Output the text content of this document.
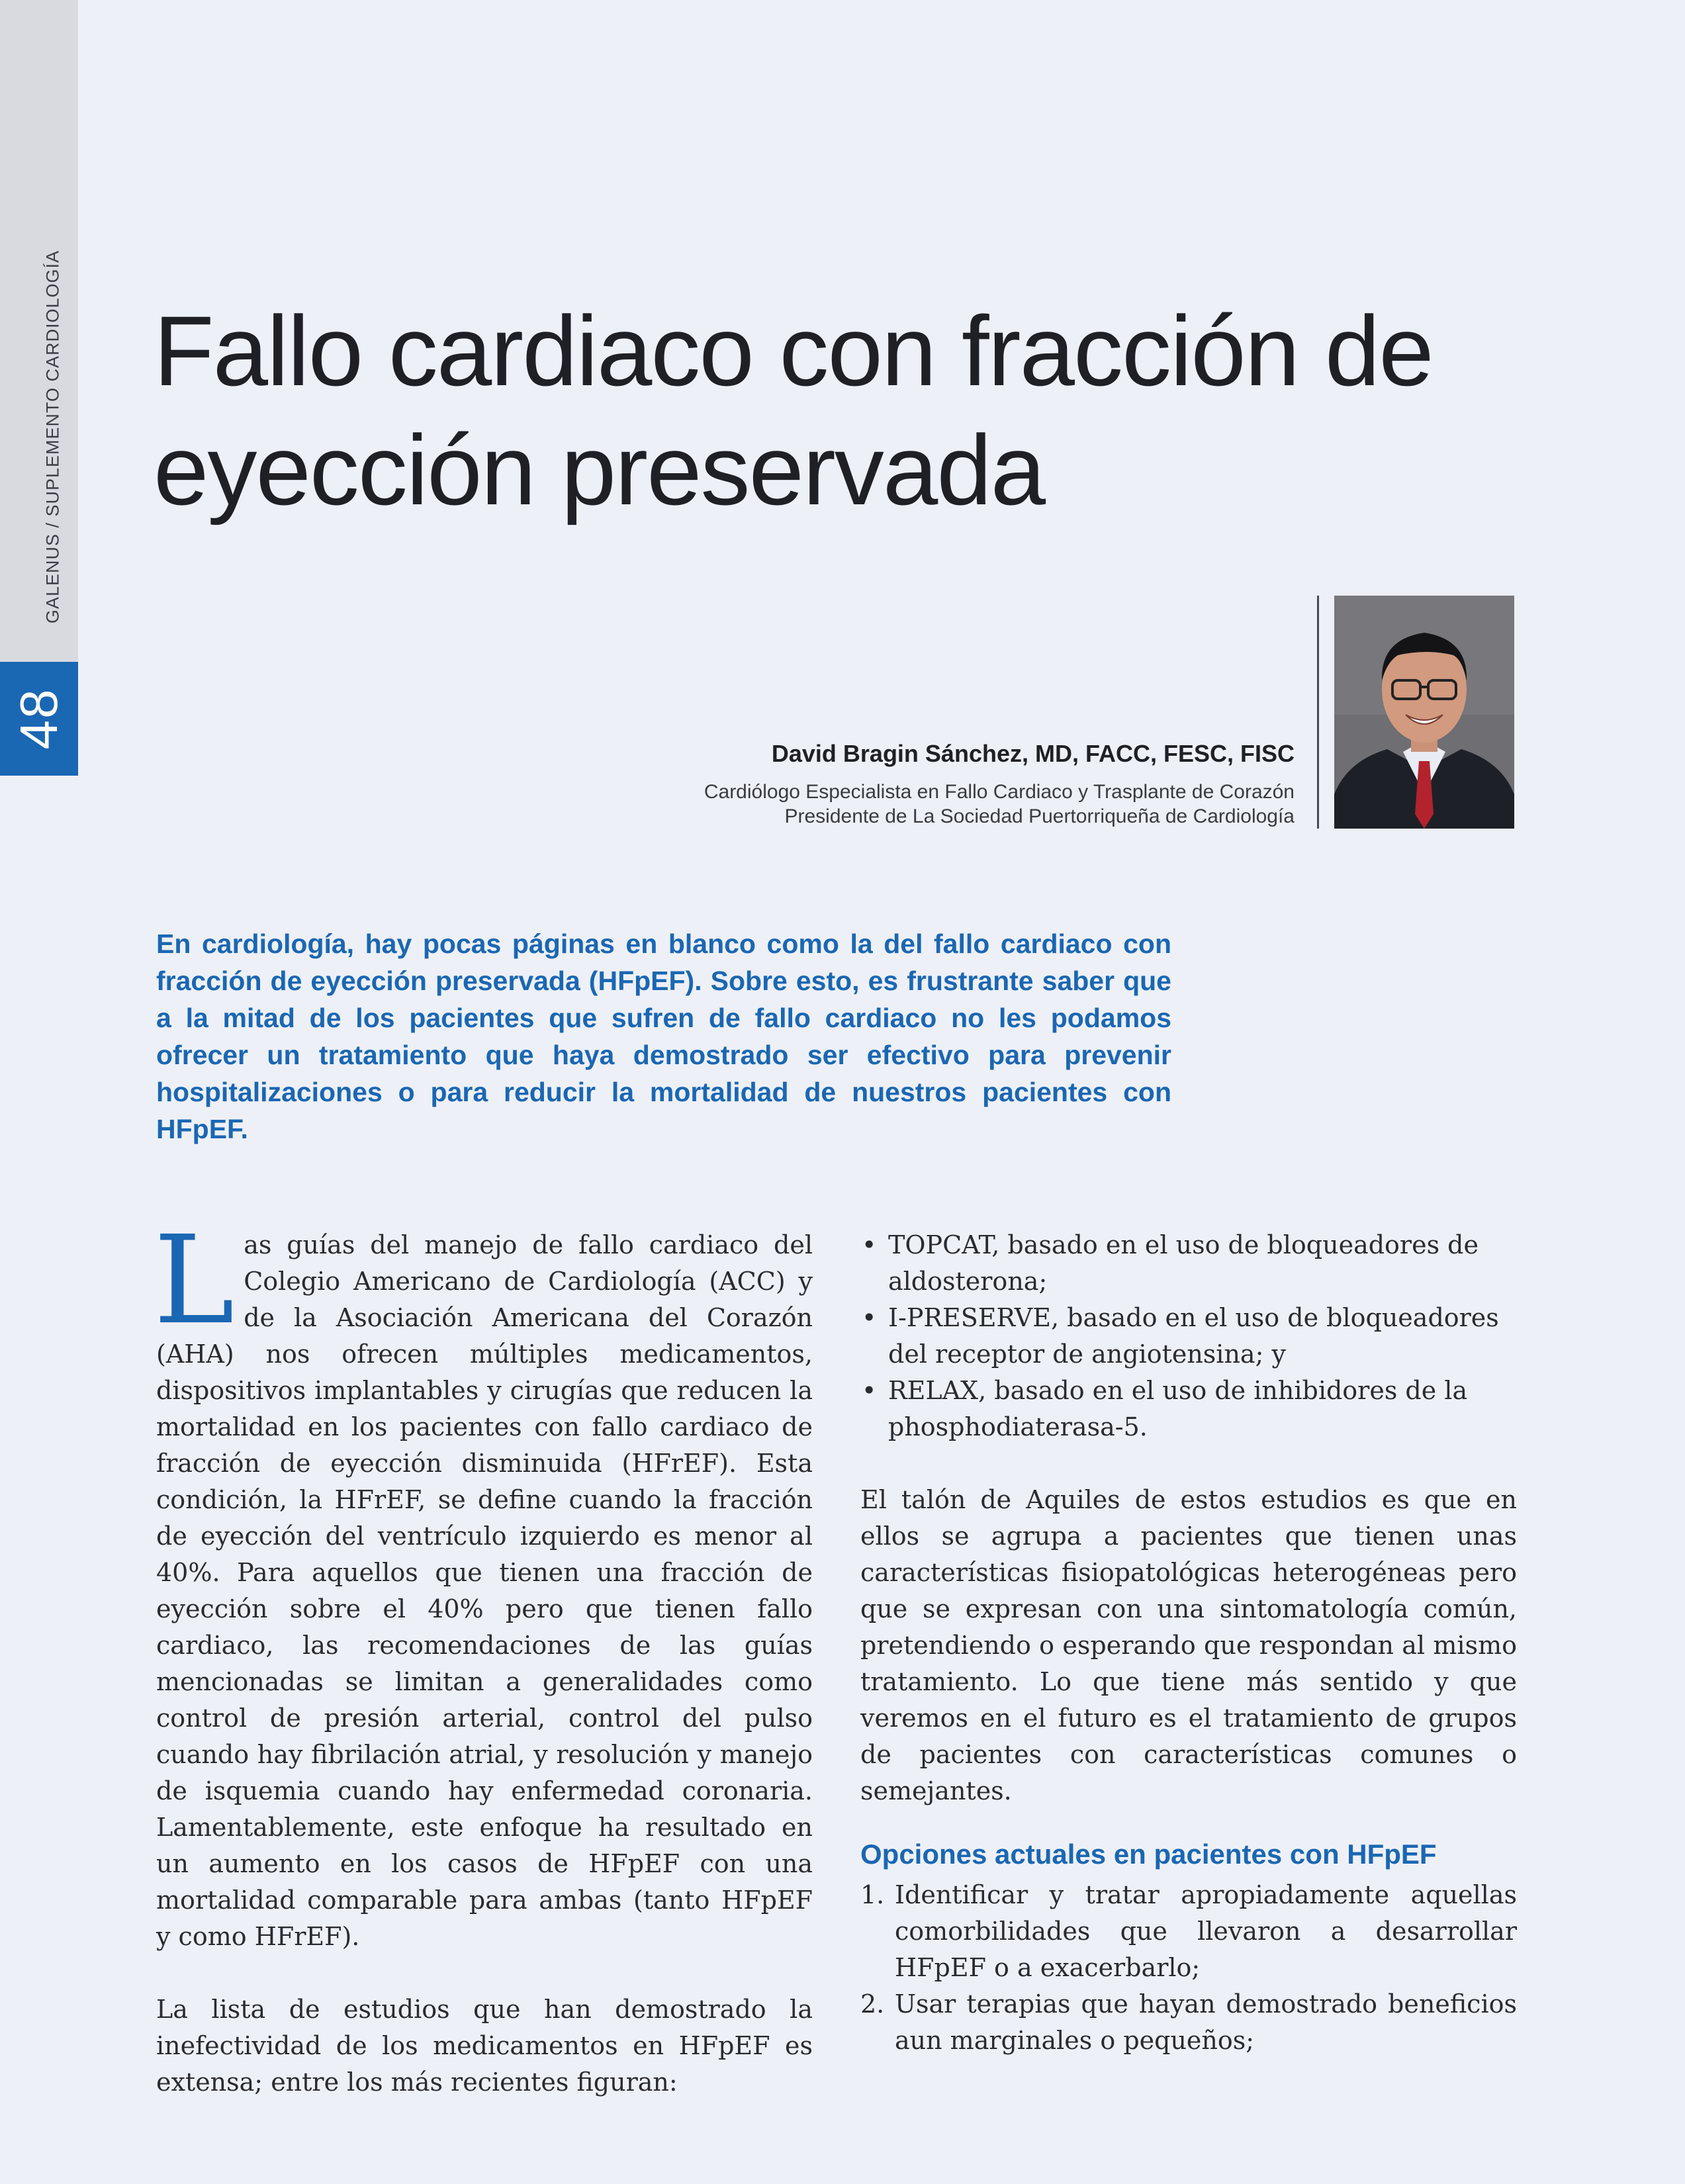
48
GALENUS / SUPLEMENTO CARDIOLOGÍA Fallo cardiaco con fracción de
eyección preservada
David Bragin Sánchez, MD, FACC, FESC, FISC
Cardiólogo Especialista en Fallo Cardiaco y Trasplante de Corazón
Presidente de La Sociedad Puertorriqueña de Cardiología

En cardiología, hay pocas páginas en blanco como la del fallo cardiaco con fracción de eyección preservada (HFpEF). Sobre esto, es frustrante saber que a la mitad de los pacientes que sufren de fallo cardiaco no les podamos ofrecer un tratamiento que haya demostrado ser efectivo para prevenir hospitalizaciones o para reducir la mortalidad de nuestros pacientes con HFpEF.

Las guías del manejo de fallo cardiaco del Colegio Americano de Cardiología (ACC) y de la Asociación Americana del Corazón (AHA) nos ofrecen múltiples medicamentos, dispositivos implantables y cirugías que reducen la mortalidad en los pacientes con fallo cardiaco de fracción de eyección disminuida (HFrEF). Esta condición, la HFrEF, se define cuando la fracción de eyección del ventrículo izquierdo es menor al 40%. Para aquellos que tienen una fracción de eyección sobre el 40% pero que tienen fallo cardiaco, las recomendaciones de las guías mencionadas se limitan a generalidades como control de presión arterial, control del pulso cuando hay fibrilación atrial, y resolución y manejo de isquemia cuando hay enfermedad coronaria. Lamentablemente, este enfoque ha resultado en un aumento en los casos de HFpEF con una mortalidad comparable para ambas (tanto HFpEF y como HFrEF).

La lista de estudios que han demostrado la inefectividad de los medicamentos en HFpEF es extensa; entre los más recientes figuran:

• TOPCAT, basado en el uso de bloqueadores de aldosterona;
• I-PRESERVE, basado en el uso de bloqueadores del receptor de angiotensina; y
• RELAX, basado en el uso de inhibidores de la phosphodiaterasa-5.

El talón de Aquiles de estos estudios es que en ellos se agrupa a pacientes que tienen unas características fisiopatológicas heterogéneas pero que se expresan con una sintomatología común, pretendiendo o esperando que respondan al mismo tratamiento. Lo que tiene más sentido y que veremos en el futuro es el tratamiento de grupos de pacientes con características comunes o semejantes.

Opciones actuales en pacientes con HFpEF
1. Identificar y tratar apropiadamente aquellas comorbilidades que llevaron a desarrollar HFpEF o a exacerbarlo;
2. Usar terapias que hayan demostrado beneficios aun marginales o pequeños;
